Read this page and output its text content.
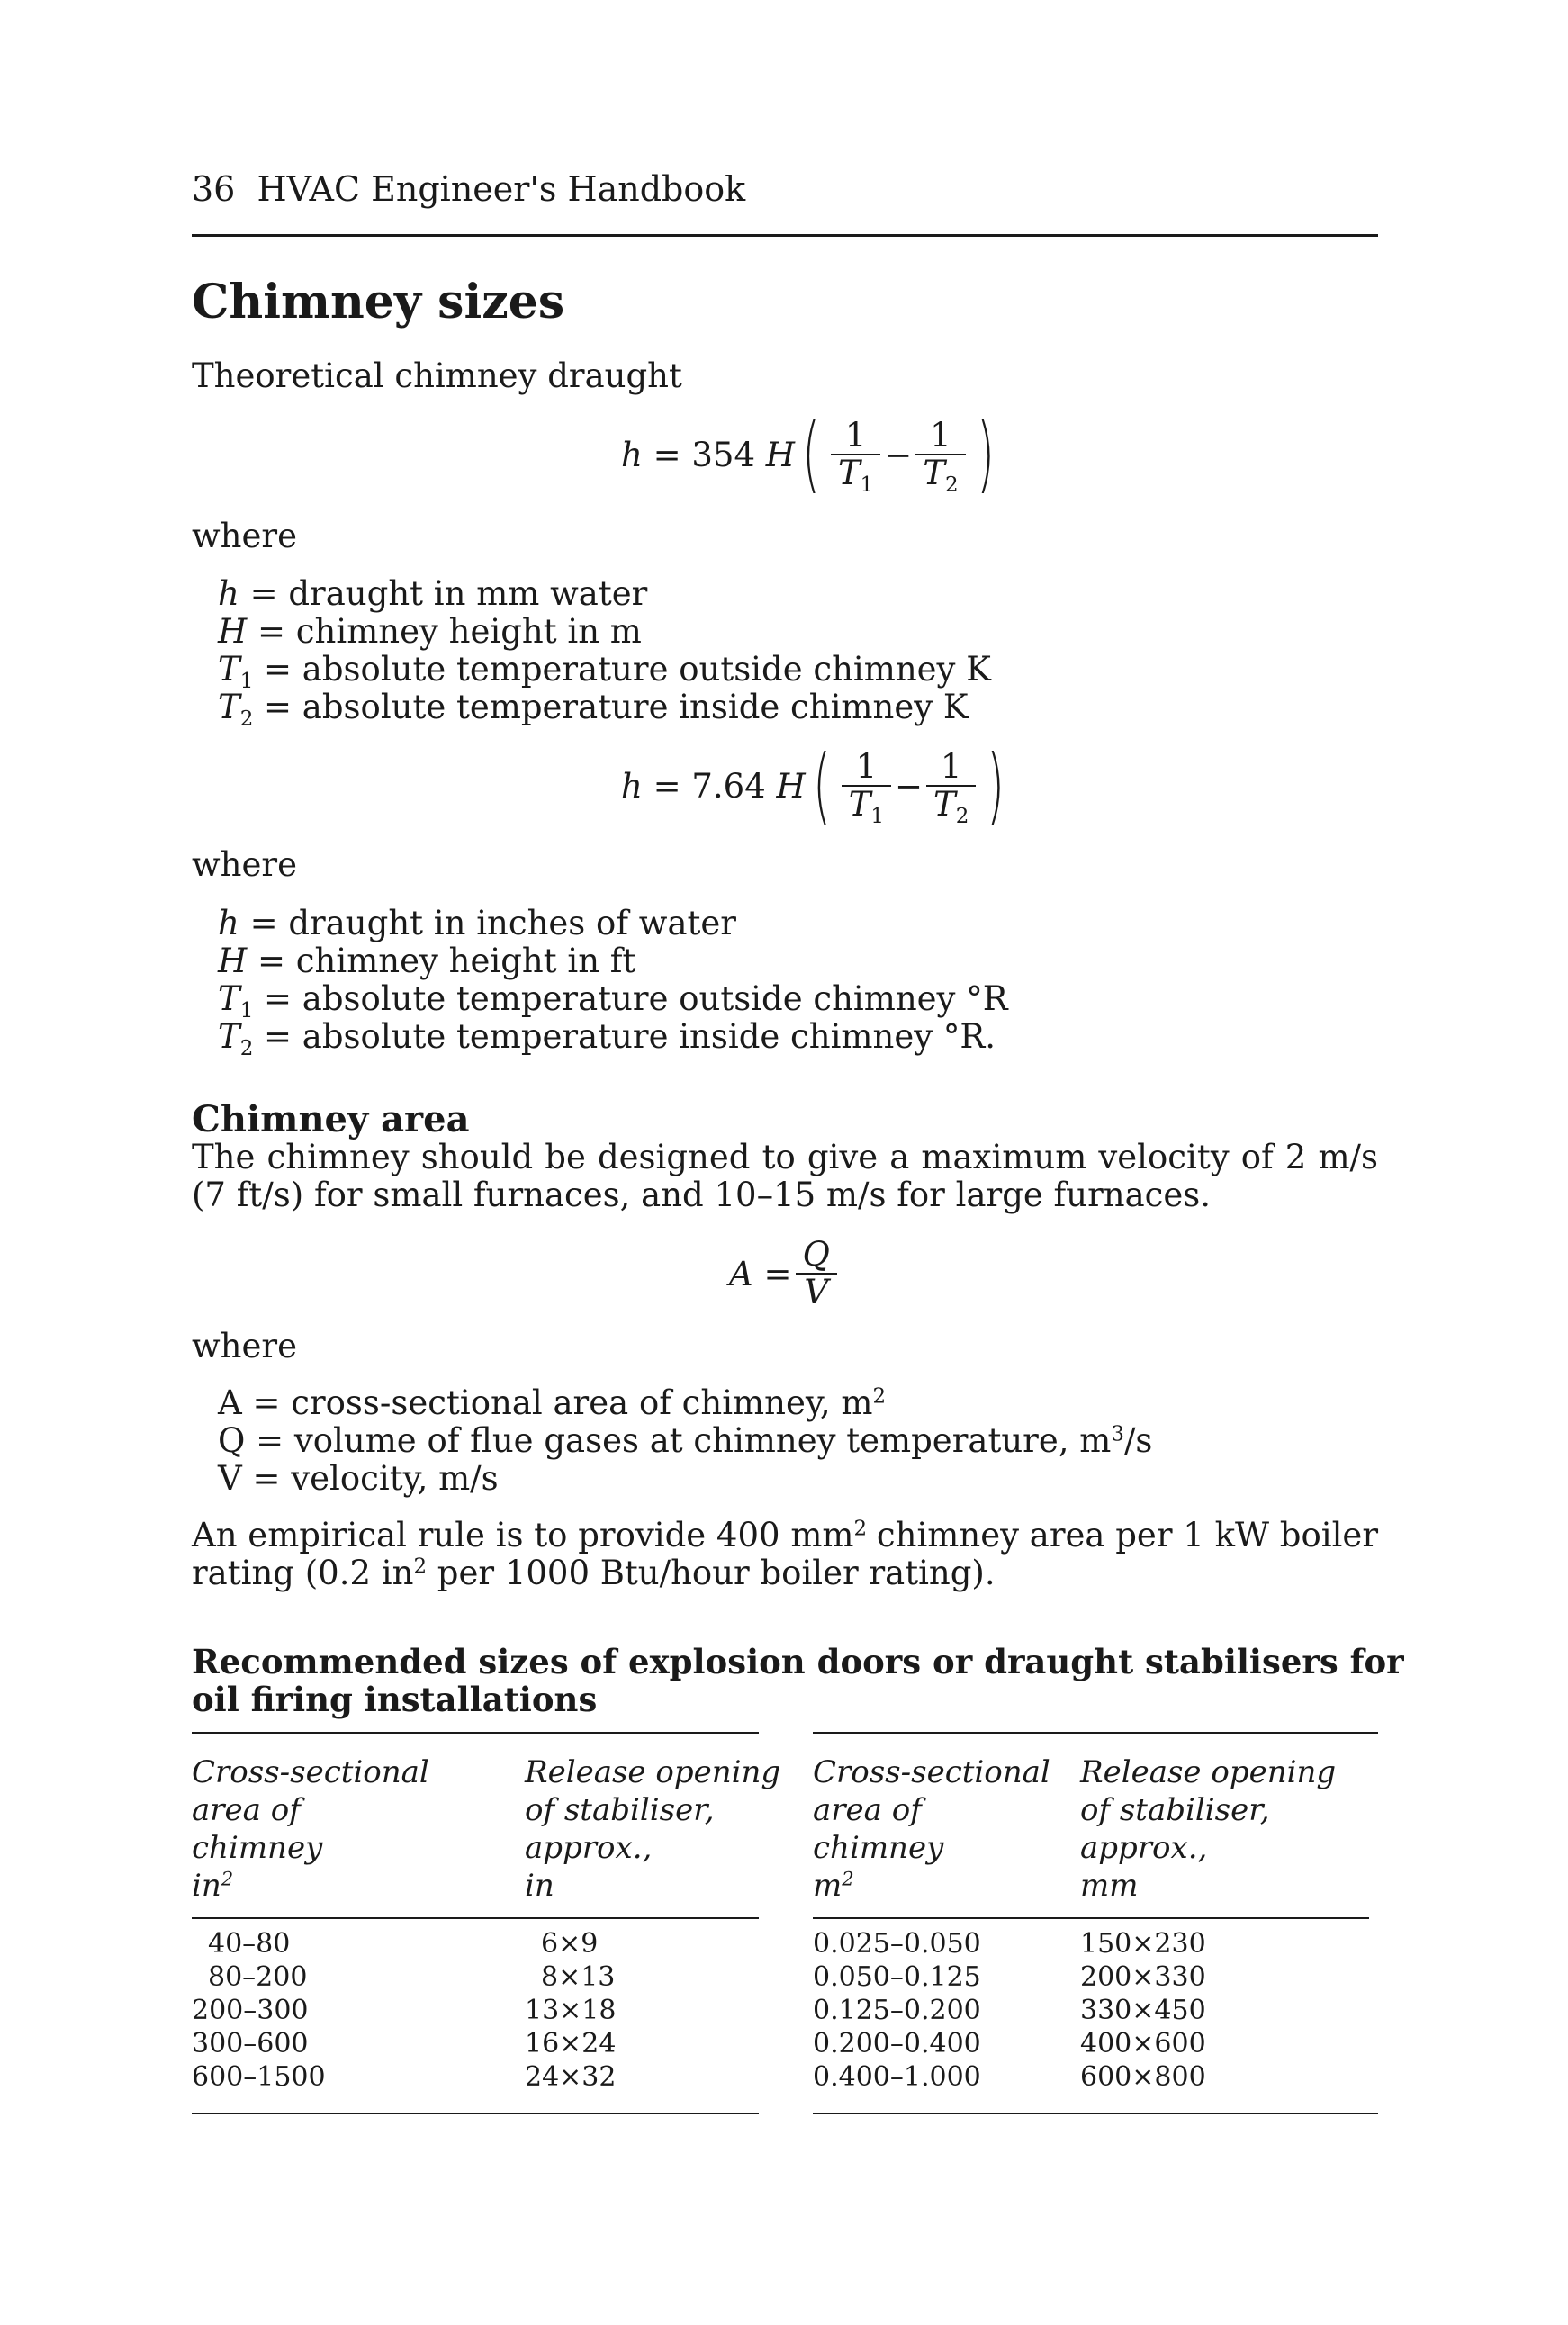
36 HVAC Engineer's Handbook
Chimney sizes
Theoretical chimney draught
h
= 354
H ( $\frac{1}{T_1} - \frac{1}{T_2}$ )
where
h = draught in mm water
H = chimney height in m
$T_1$ = absolute temperature outside chimney K
$T_2$ = absolute temperature inside chimney K
h
= 7.64
H ( $\frac{1}{T_1} - \frac{1}{T_2}$ )
where
h = draught in inches of water
H = chimney height in ft
$T_1$ = absolute temperature outside chimney °R
$T_2$ = absolute temperature inside chimney °R.
Chimney area
The chimney should be designed to give a maximum velocity of 2 m/s (7 ft/s) for small furnaces, and 10–15 m/s for large furnaces.
A
= $\frac{Q}{V}$
where
A = cross-sectional area of chimney, $m^2$
Q = volume of flue gases at chimney temperature, $m^3/s$
V = velocity, m/s
An empirical rule is to provide 400 $mm^2$ chimney area per 1 kW boiler
rating (0.2 $in^2$ per 1000 Btu/hour boiler rating).
Recommended sizes of explosion doors or draught stabilisers for
oil firing installations
Cross-sectional
area of
chimney
$in^2$
Release opening
of stabiliser,
approx.,
in
Cross-sectional
area of
chimney
$m^2$
Release opening
of stabiliser,
approx.,
mm
40–80
80–200
200–300
300–600
600–1500
6×9
8×13
13×18
16×24
24×32
0.025–0.050
0.050–0.125
0.125–0.200
0.200–0.400
0.400–1.000
150×230
200×330
330×450
400×600
600×800
